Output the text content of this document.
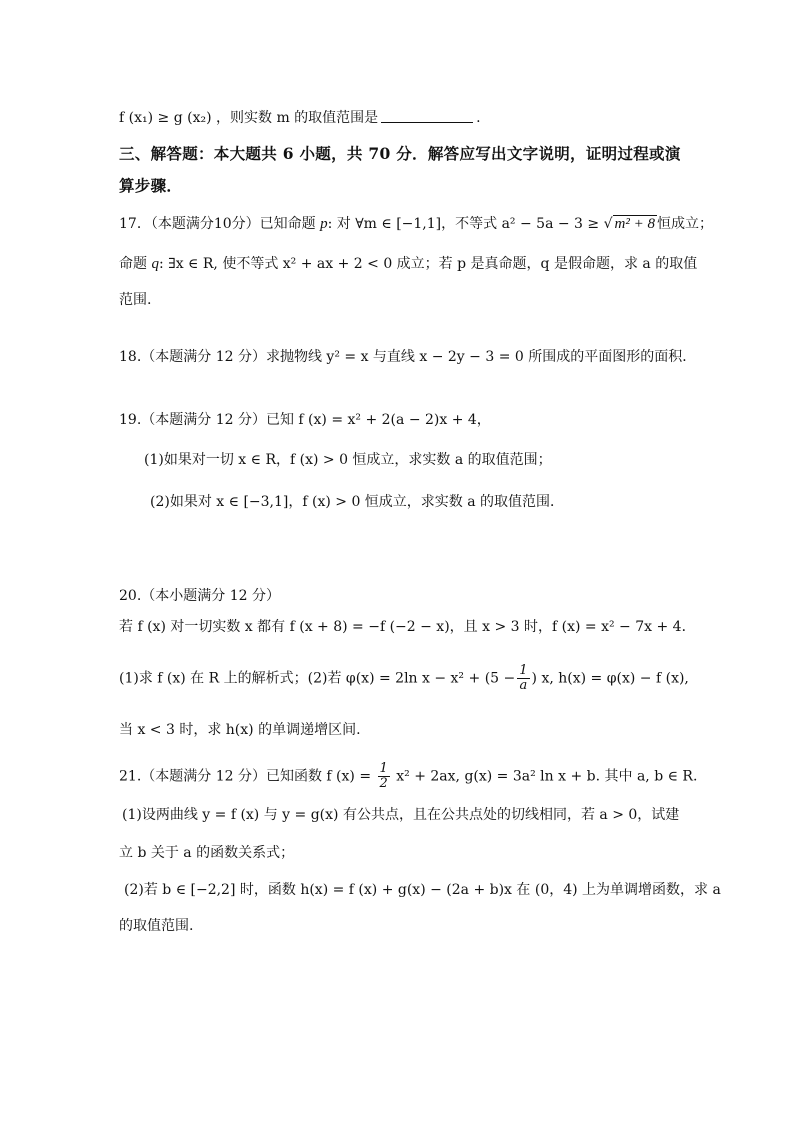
f (x₁) ≥ g (x₂) ，则实数 m 的取值范围是	.
三、解答题：本大题共 6 小题，共 70 分．解答应写出文字说明，证明过程或演
算步骤．
17．（本题满分10分）已知命题 p: 对 ∀m ∈ [−1,1]，不等式 a² − 5a − 3 ≥ √ m² + 8 恒成立；
命题 q: ∃x ∈ R, 使不等式 x² + ax + 2 < 0 成立；若 p 是真命题，q 是假命题，求 a 的取值
范围.
18.（本题满分 12 分）求抛物线 y² = x 与直线 x − 2y − 3 = 0 所围成的平面图形的面积．
19.（本题满分 12 分）已知 f (x) = x² + 2(a − 2)x + 4，
(1)如果对一切 x ∈ R，f (x) > 0 恒成立，求实数 a 的取值范围；
(2)如果对 x ∈ [−3,1]，f (x) > 0 恒成立，求实数 a 的取值范围．
20.（本小题满分 12 分）
若 f (x) 对一切实数 x 都有 f (x + 8) = −f (−2 − x)，且 x > 3 时，f (x) = x² − 7x + 4．
(1)求 f (x) 在 R 上的解析式；(2)若 φ(x) = 2ln $x - x^2 + (5 - \frac{1}{a}$ ) x, h(x) = φ(x) − f (x),
当 x < 3 时，求 h(x) 的单调递增区间.
21.（本题满分 12 分）已知函数 f $(x) = \frac{1}{2} x^2 + 2ax$, g(x) = 3a² ln x + b. 其中 a, b ∈ R.
(1)设两曲线 y = f (x) 与 y = g(x) 有公共点，且在公共点处的切线相同，若 a > 0，试建
立 b 关于 a 的函数关系式；
(2)若 b ∈ [−2,2] 时，函数 h(x) = f (x) + g(x) − (2a + b)x 在 (0，4) 上为单调增函数，求 a
的取值范围.
